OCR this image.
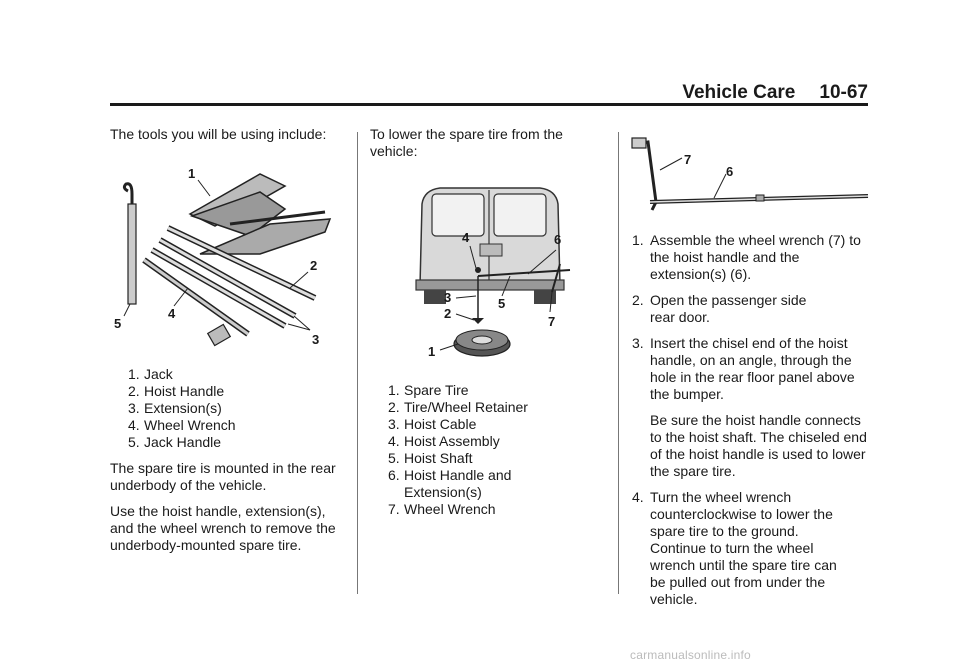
Vehicle Care 10-67

The tools you will be using include:

1
2
3
4
5
1. Jack
2. Hoist Handle
3. Extension(s)
4. Wheel Wrench
5. Jack Handle

The spare tire is mounted in the rear underbody of the vehicle.

Use the hoist handle, extension(s), and the wheel wrench to remove the underbody-mounted spare tire.

To lower the spare tire from the vehicle:

4	6
3	5
2
7
1
1. Spare Tire
2. Tire/Wheel Retainer
3. Hoist Cable
4. Hoist Assembly
5. Hoist Shaft
6. Hoist Handle and Extension(s)
7. Wheel Wrench
7
6
1. Assemble the wheel wrench (7) to the hoist handle and the extension(s) (6).
2. Open the passenger side rear door.
3. Insert the chisel end of the hoist handle, on an angle, through the hole in the rear floor panel above the bumper.
Be sure the hoist handle connects to the hoist shaft. The chiseled end of the hoist handle is used to lower the spare tire.
4. Turn the wheel wrench counterclockwise to lower the spare tire to the ground. Continue to turn the wheel wrench until the spare tire can be pulled out from under the vehicle.
carmanualsonline.info
